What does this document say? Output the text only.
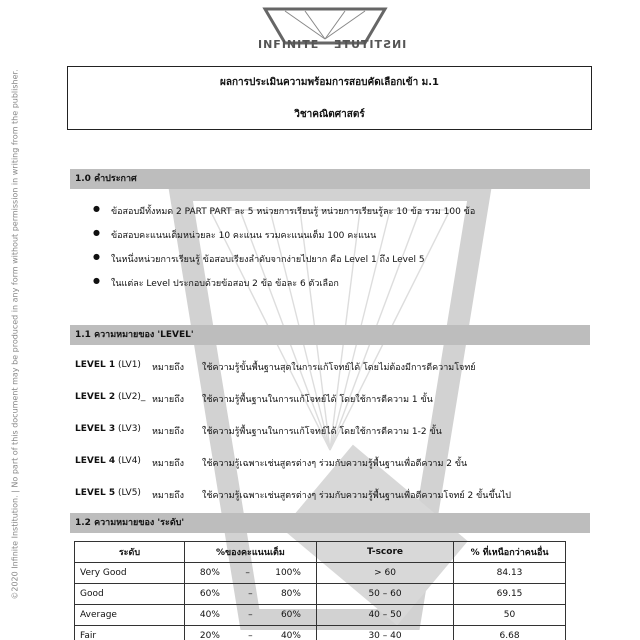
INFINITE INSTITUTE
©2020 Infinite Institution. | No part of this document may be produced in any form without permission in writing from the publisher.	ผลการประเมินความพร้อมการสอบคัดเลือกเข้า ม.1
วิชาคณิตศาสตร์
1.0 คำประกาศ
● ข้อสอบมีทั้งหมด 2 PART PART ละ 5 หน่วยการเรียนรู้ หน่วยการเรียนรู้ละ 10 ข้อ รวม 100 ข้อ
● ข้อสอบคะแนนเต็มหน่วยละ 10 คะแนน รวมคะแนนเต็ม 100 คะแนน
● ในหนึ่งหน่วยการเรียนรู้ ข้อสอบเรียงลำดับจากง่ายไปยาก คือ Level 1 ถึง Level 5
● ในแต่ละ Level ประกอบด้วยข้อสอบ 2 ข้อ ข้อละ 6 ตัวเลือก
1.1 ความหมายของ 'LEVEL'
LEVEL 1 (LV1) หมายถึง ใช้ความรู้ขั้นพื้นฐานสุดในการแก้โจทย์ได้ โดยไม่ต้องมีการตีความโจทย์
LEVEL 2 (LV2)_ หมายถึง ใช้ความรู้พื้นฐานในการแก้โจทย์ได้ โดยใช้การตีความ 1 ขั้น
LEVEL 3 (LV3) หมายถึง ใช้ความรู้พื้นฐานในการแก้โจทย์ได้ โดยใช้การตีความ 1-2 ขั้น
LEVEL 4 (LV4) หมายถึง ใช้ความรู้เฉพาะเช่นสูตรต่างๆ ร่วมกับความรู้พื้นฐานเพื่อตีความ 2 ขั้น
LEVEL 5 (LV5) หมายถึง ใช้ความรู้เฉพาะเช่นสูตรต่างๆ ร่วมกับความรู้พื้นฐานเพื่อตีความโจทย์ 2 ขั้นขึ้นไป
1.2 ความหมายของ 'ระดับ'
ระดับ	%ของคะแนนเต็ม	T-score	% ที่เหนือกว่าคนอื่น
Very Good	80% – 100%	> 60	84.13
Good	60% – 80%	50 – 60	69.15
Average	40% – 60%	40 – 50	50
Fair	20% – 40%	30 – 40	6.68
